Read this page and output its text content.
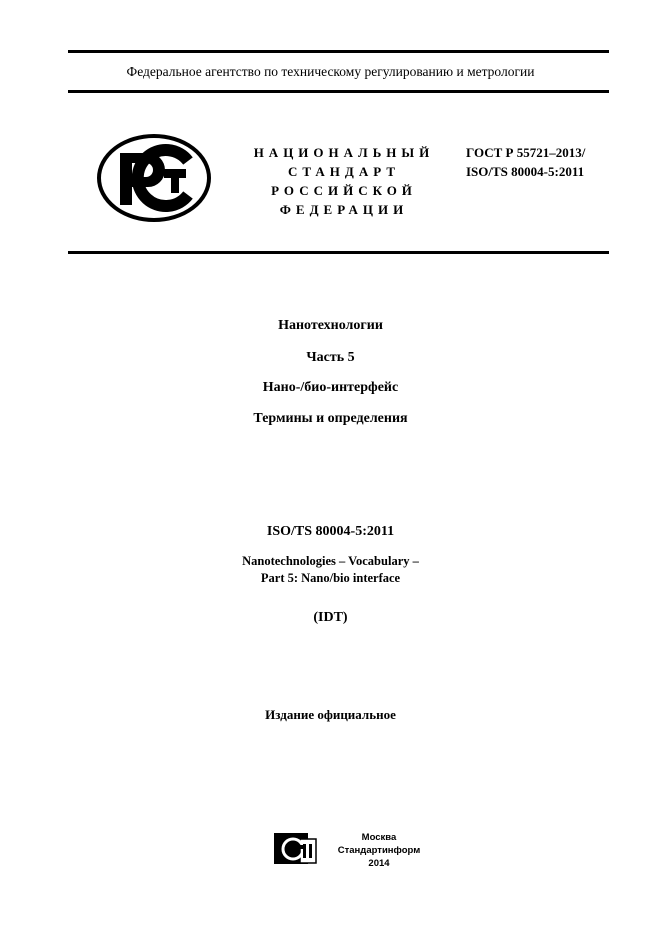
Федеральное агентство по техническому регулированию и метрологии
НАЦИОНАЛЬНЫЙ
СТАНДАРТ
РОССИЙСКОЙ
ФЕДЕРАЦИИ
ГОСТ Р 55721–2013/
ISO/TS 80004-5:2011
Нанотехнологии
Часть 5
Нано-/био-интерфейс
Термины и определения
ISO/TS 80004-5:2011
Nanotechnologies – Vocabulary –
Part 5: Nano/bio interface
(IDT)
Издание официальное
Москва
Стандартинформ
2014
